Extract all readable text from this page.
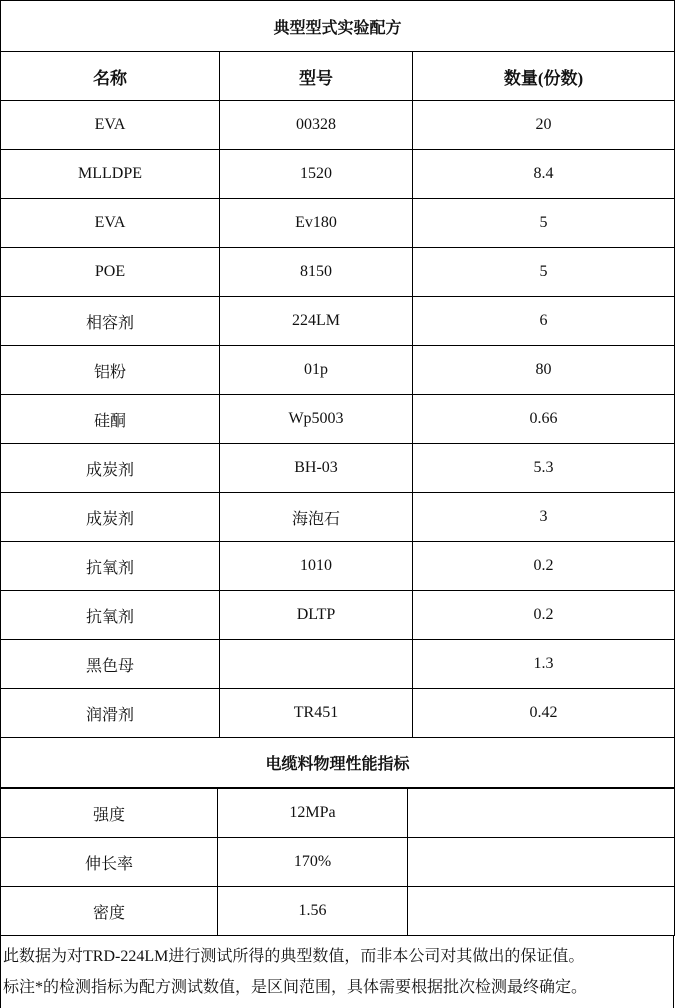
典型型式实验配方		
名称	型号	数量(份数)
EVA	00328	20
MLLDPE	1520	8.4
EVA	Ev180	5
POE	8150	5
相容剂	224LM	6
铝粉	01p	80
硅酮	Wp5003	0.66
成炭剂	BH-03	5.3
成炭剂	海泡石	3
抗氧剂	1010	0.2
抗氧剂	DLTP	0.2
黑色母		1.3
润滑剂	TR451	0.42
电缆料物理性能指标		
强度	12MPa	
伸长率	170%	
密度	1.56	
此数据为对TRD-224LM进行测试所得的典型数值，而非本公司对其做出的保证值。
标注*的检测指标为配方测试数值，是区间范围，具体需要根据批次检测最终确定。
